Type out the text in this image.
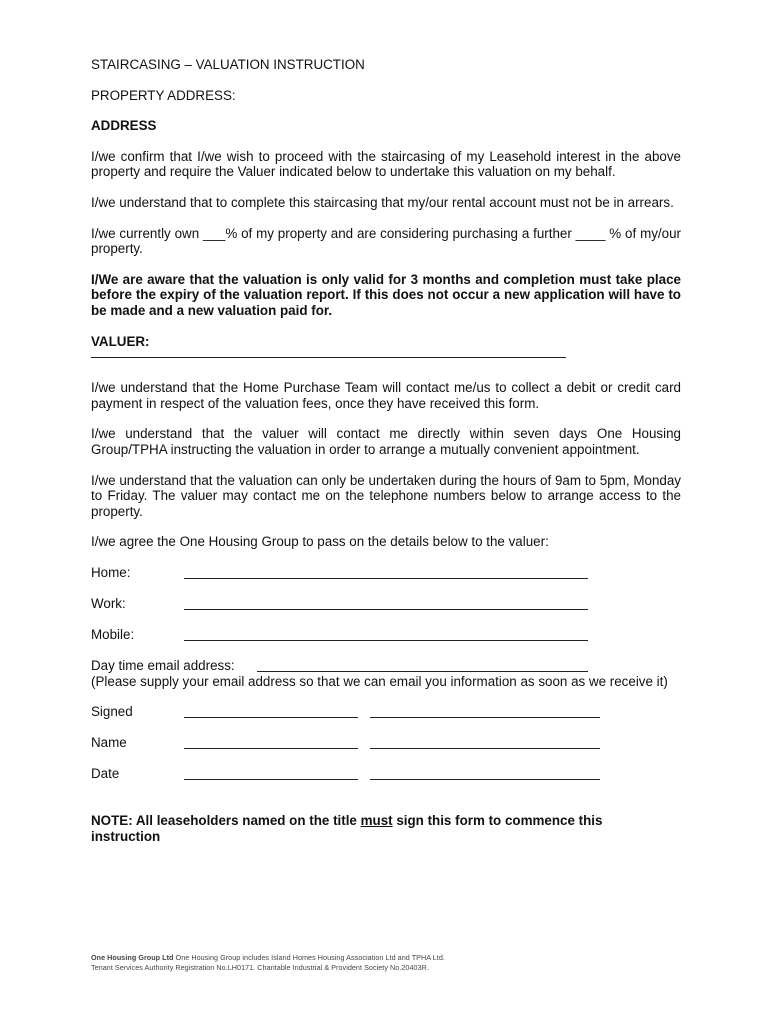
STAIRCASING – VALUATION INSTRUCTION

PROPERTY ADDRESS:

ADDRESS

I/we confirm that I/we wish to proceed with the staircasing of my Leasehold interest in the above property and require the Valuer indicated below to undertake this valuation on my behalf.

I/we understand that to complete this staircasing that my/our rental account must not be in arrears.

I/we currently own ___% of my property and are considering purchasing a further ____ % of my/our property.

I/We are aware that the valuation is only valid for 3 months and completion must take place before the expiry of the valuation report. If this does not occur a new application will have to be made and a new valuation paid for.

VALUER:

I/we understand that the Home Purchase Team will contact me/us to collect a debit or credit card payment in respect of the valuation fees, once they have received this form.

I/we understand that the valuer will contact me directly within seven days One Housing Group/TPHA instructing the valuation in order to arrange a mutually convenient appointment.

I/we understand that the valuation can only be undertaken during the hours of 9am to 5pm, Monday to Friday. The valuer may contact me on the telephone numbers below to arrange access to the property.

I/we agree the One Housing Group to pass on the details below to the valuer:

Home:
Work:
Mobile:
Day time email address:

(Please supply your email address so that we can email you information as soon as we receive it)

Signed
Name
Date

NOTE: All leaseholders named on the title must sign this form to commence this instruction

One Housing Group Ltd One Housing Group includes Island Homes Housing Association Ltd and TPHA Ltd.
Tenant Services Authority Registration No.LH0171. Charitable Industrial & Provident Society No.20403R.
